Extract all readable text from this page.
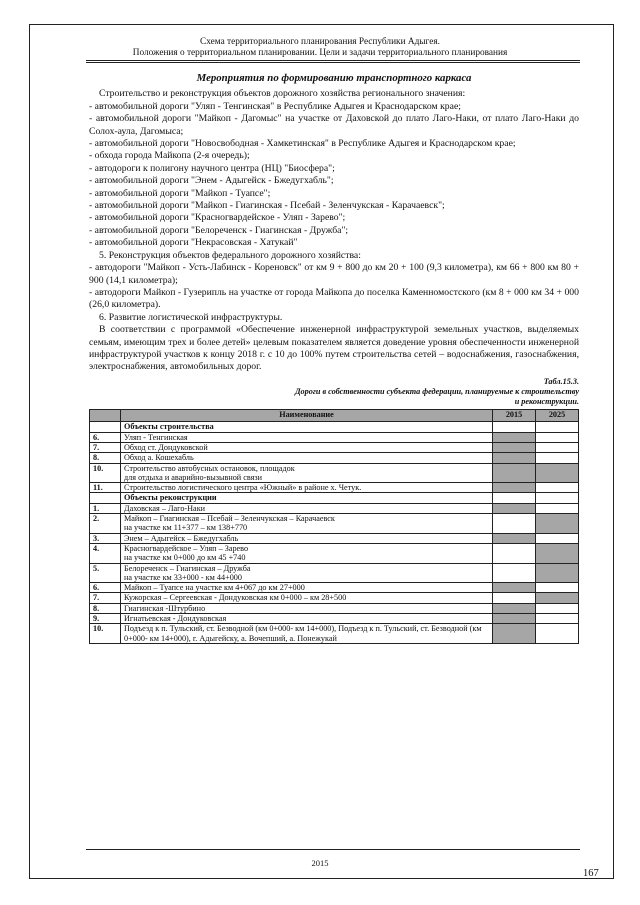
Схема территориального планирования Республики Адыгея.
Положения о территориальном планировании. Цели и задачи территориального планирования
Мероприятия по формированию транспортного каркаса

Строительство и реконструкция объектов дорожного хозяйства регионального значения:

- автомобильной дороги "Уляп - Тенгинская" в Республике Адыгея и Краснодарском крае;

- автомобильной дороги "Майкоп - Дагомыс" на участке от Даховской до плато Лаго-Наки, от плато Лаго-Наки до Солох-аула, Дагомыса;

- автомобильной дороги "Новосвободная - Хамкетинская" в Республике Адыгея и Краснодарском крае;

- обхода города Майкопа (2-я очередь);

- автодороги к полигону научного центра (НЦ) "Биосфера";

- автомобильной дороги "Энем - Адыгейск - Бжедугхабль";

- автомобильной дороги "Майкоп - Туапсе";

- автомобильной дороги "Майкоп - Гиагинская - Псебай - Зеленчукская - Карачаевск";

- автомобильной дороги "Красногвардейское - Уляп - Зарево";

- автомобильной дороги "Белореченск - Гиагинская - Дружба";

- автомобильной дороги "Некрасовская - Хатукай"

5. Реконструкция объектов федерального дорожного хозяйства:

- автодороги "Майкоп - Усть-Лабинск - Кореновск" от км 9 + 800 до км 20 + 100 (9,3 километра), км 66 + 800 км 80 + 900 (14,1 километра);

- автодороги Майкоп - Гузерипль на участке от города Майкопа до поселка Каменномостского (км 8 + 000 км 34 + 000 (26,0 километра).

6. Развитие логистической инфраструктуры.

В соответствии с программой «Обеспечение инженерной инфраструктурой земельных участков, выделяемых семьям, имеющим трех и более детей» целевым показателем является доведение уровня обеспеченности инженерной инфраструктурой участков к концу 2018 г. с 10 до 100% путем строительства сетей – водоснабжения, газоснабжения, электроснабжения, автомобильных дорог.

Табл.15.3.
Дороги в собственности субъекта федерации, планируемые к строительству
и реконструкции.
	Наименование	2015	2025
	Объекты строительства		
6.	Уляп - Тенгинская		
7.	Обход ст. Дондуковской		
8.	Обход а. Кошехабль		
10.	Строительство автобусных остановок, площадок
для отдыха и аварийно-вызывной связи		
11.	Строительство логистического центра «Южный» в районе х. Четук.		
	Объекты реконструкции		
1.	Даховская – Лаго-Наки		
2.	Майкоп – Гиагинская – Псебай – Зеленчукская – Карачаевск
на участке км 11+377 – км 138+770		
3.	Энем – Адыгейск – Бжедугхабль		
4.	Красногвардейское – Уляп – Зарево
на участке км 0+000 до км 45 +740		
5.	Белореченск – Гиагинская – Дружба
на участке км 33+000 - км 44+000		
6.	Майкоп – Туапсе на участке км 4+067 до км 27+000		
7.	Кужорская – Сергеевская - Дондуковская км 0+000 – км 28+500		
8.	Гиагинская -Штурбино		
9.	Игнатьевская - Дондуковская		
10.	Подъезд к п. Тульский, ст. Безводной (км 0+000- км 14+000), Подъезд к п. Тульский, ст. Безводной (км 0+000- км 14+000), г. Адыгейску, а. Вочепший, а. Понежукай		
2015
167
